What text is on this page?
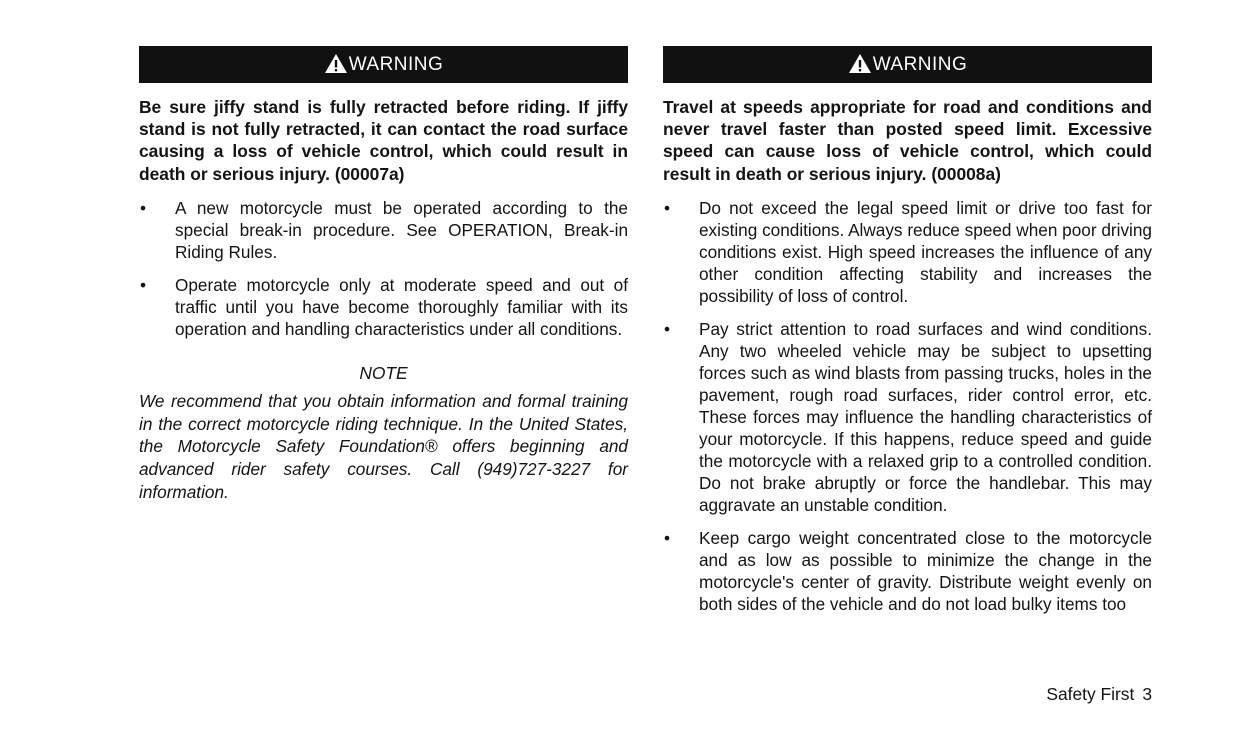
WARNING

Be sure jiffy stand is fully retracted before riding. If jiffy stand is not fully retracted, it can contact the road surface causing a loss of vehicle control, which could result in death or serious injury. (00007a)

• A new motorcycle must be operated according to the special break-in procedure. See OPERATION, Break-in Riding Rules.
• Operate motorcycle only at moderate speed and out of traffic until you have become thoroughly familiar with its operation and handling characteristics under all conditions.
NOTE

We recommend that you obtain information and formal training in the correct motorcycle riding technique. In the United States, the Motorcycle Safety Foundation® offers beginning and advanced rider safety courses. Call (949)727-3227 for information.

WARNING

Travel at speeds appropriate for road and conditions and never travel faster than posted speed limit. Excessive speed can cause loss of vehicle control, which could result in death or serious injury. (00008a)

• Do not exceed the legal speed limit or drive too fast for existing conditions. Always reduce speed when poor driving conditions exist. High speed increases the influence of any other condition affecting stability and increases the possibility of loss of control.
• Pay strict attention to road surfaces and wind conditions. Any two wheeled vehicle may be subject to upsetting forces such as wind blasts from passing trucks, holes in the pavement, rough road surfaces, rider control error, etc. These forces may influence the handling characteristics of your motorcycle. If this happens, reduce speed and guide the motorcycle with a relaxed grip to a controlled condition. Do not brake abruptly or force the handlebar. This may aggravate an unstable condition.
• Keep cargo weight concentrated close to the motorcycle and as low as possible to minimize the change in the motorcycle's center of gravity. Distribute weight evenly on both sides of the vehicle and do not load bulky items too
Safety First 3
